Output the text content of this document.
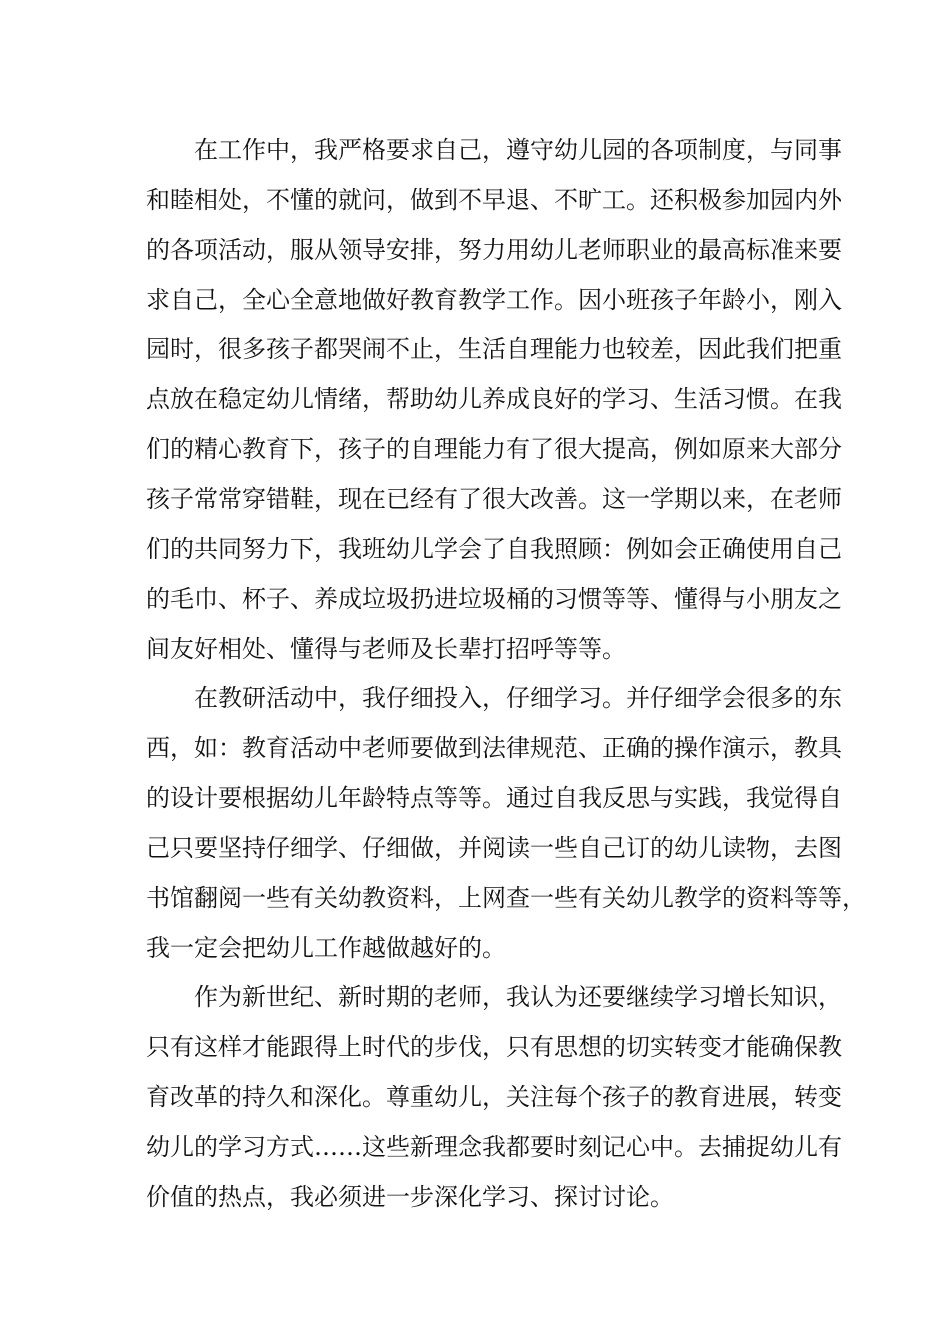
在工作中，我严格要求自己，遵守幼儿园的各项制度，与同事
和睦相处，不懂的就问，做到不早退、不旷工。还积极参加园内外
的各项活动，服从领导安排，努力用幼儿老师职业的最高标准来要
求自己，全心全意地做好教育教学工作。因小班孩子年龄小，刚入
园时，很多孩子都哭闹不止，生活自理能力也较差，因此我们把重
点放在稳定幼儿情绪，帮助幼儿养成良好的学习、生活习惯。在我
们的精心教育下，孩子的自理能力有了很大提高，例如原来大部分
孩子常常穿错鞋，现在已经有了很大改善。这一学期以来，在老师
们的共同努力下，我班幼儿学会了自我照顾：例如会正确使用自己
的毛巾、杯子、养成垃圾扔进垃圾桶的习惯等等、懂得与小朋友之
间友好相处、懂得与老师及长辈打招呼等等。
在教研活动中，我仔细投入，仔细学习。并仔细学会很多的东
西，如：教育活动中老师要做到法律规范、正确的操作演示，教具
的设计要根据幼儿年龄特点等等。通过自我反思与实践，我觉得自
己只要坚持仔细学、仔细做，并阅读一些自己订的幼儿读物，去图
书馆翻阅一些有关幼教资料，上网查一些有关幼儿教学的资料等等，
我一定会把幼儿工作越做越好的。
作为新世纪、新时期的老师，我认为还要继续学习增长知识，
只有这样才能跟得上时代的步伐，只有思想的切实转变才能确保教
育改革的持久和深化。尊重幼儿，关注每个孩子的教育进展，转变
幼儿的学习方式……这些新理念我都要时刻记心中。去捕捉幼儿有
价值的热点，我必须进一步深化学习、探讨讨论。
